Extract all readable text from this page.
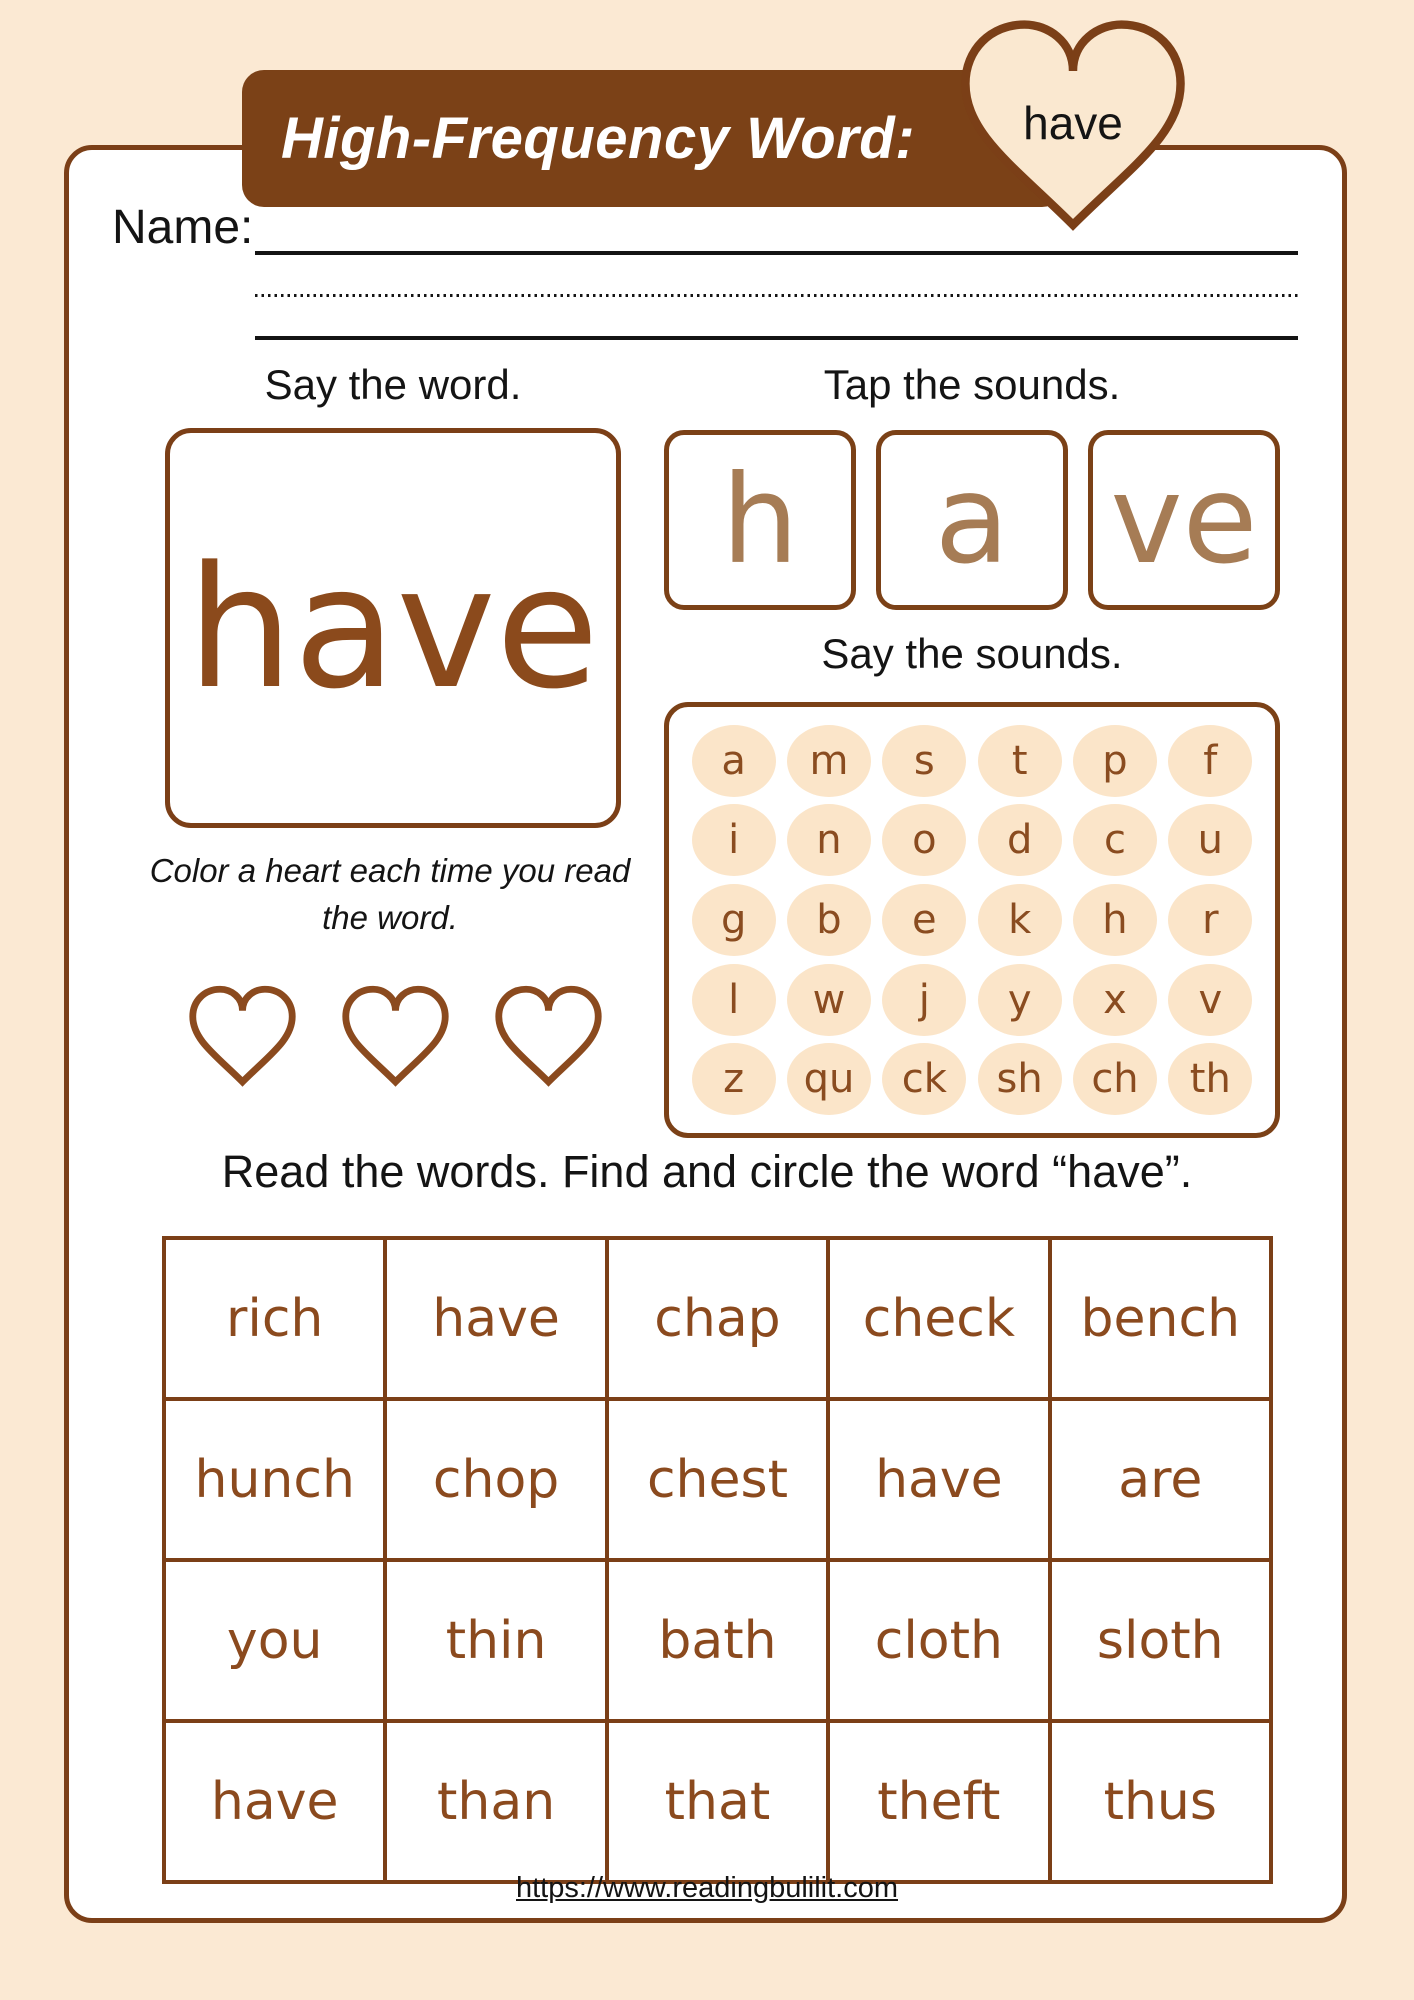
High-Frequency Word:	have
Name:
Say the word.
have
Tap the sounds.
h a ve
Say the sounds.
a	m	s	t	p	f
i	n	o	d	c	u
g	b	e	k	h	r
l	w	j	y	x	v
z	qu	ck	sh	ch	th
Color a heart each time you read the word.
Read the words. Find and circle the word “have”.
rich	have	chap	check	bench
hunch	chop	chest	have	are
you	thin	bath	cloth	sloth
have	than	that	theft	thus
https://www.readingbulilit.com
